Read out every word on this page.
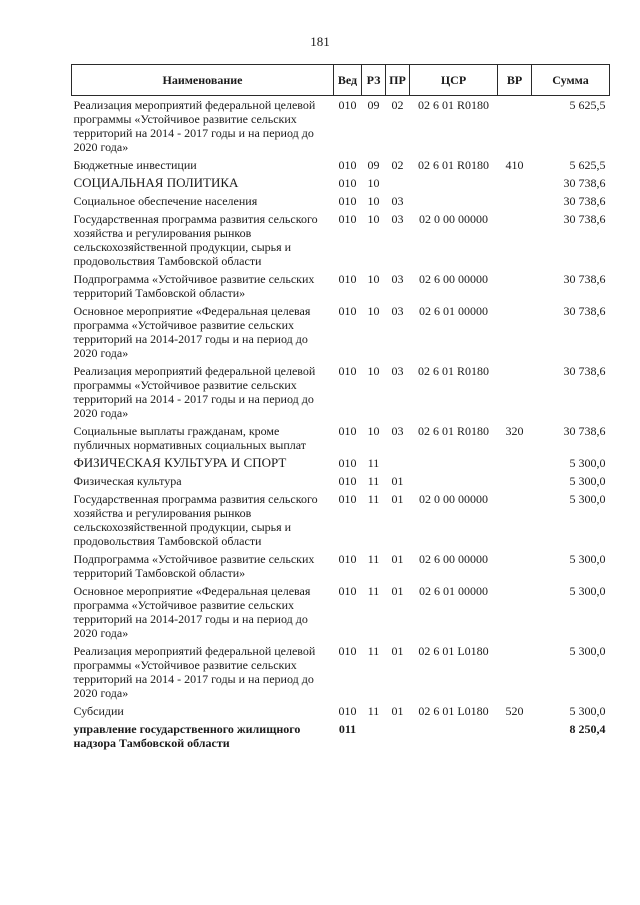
181
Наименование	Вед	РЗ	ПР	ЦСР	ВР	Сумма
Реализация мероприятий федеральной целевой программы «Устойчивое развитие сельских территорий на 2014 - 2017 годы и на период до 2020 года»	010	09	02	02 6 01 R0180		5 625,5
Бюджетные инвестиции	010	09	02	02 6 01 R0180	410	5 625,5
СОЦИАЛЬНАЯ ПОЛИТИКА	010	10				30 738,6
Социальное обеспечение населения	010	10	03			30 738,6
Государственная программа развития сельского хозяйства и регулирования рынков сельскохозяйственной продукции, сырья и продовольствия Тамбовской области	010	10	03	02 0 00 00000		30 738,6
Подпрограмма «Устойчивое развитие сельских территорий Тамбовской области»	010	10	03	02 6 00 00000		30 738,6
Основное мероприятие «Федеральная целевая программа «Устойчивое развитие сельских территорий на 2014-2017 годы и на период до 2020 года»	010	10	03	02 6 01 00000		30 738,6
Реализация мероприятий федеральной целевой программы «Устойчивое развитие сельских территорий на 2014 - 2017 годы и на период до 2020 года»	010	10	03	02 6 01 R0180		30 738,6
Социальные выплаты гражданам, кроме публичных нормативных социальных выплат	010	10	03	02 6 01 R0180	320	30 738,6
ФИЗИЧЕСКАЯ КУЛЬТУРА И СПОРТ	010	11				5 300,0
Физическая культура	010	11	01			5 300,0
Государственная программа развития сельского хозяйства и регулирования рынков сельскохозяйственной продукции, сырья и продовольствия Тамбовской области	010	11	01	02 0 00 00000		5 300,0
Подпрограмма «Устойчивое развитие сельских территорий Тамбовской области»	010	11	01	02 6 00 00000		5 300,0
Основное мероприятие «Федеральная целевая программа «Устойчивое развитие сельских территорий на 2014-2017 годы и на период до 2020 года»	010	11	01	02 6 01 00000		5 300,0
Реализация мероприятий федеральной целевой программы «Устойчивое развитие сельских территорий на 2014 - 2017 годы и на период до 2020 года»	010	11	01	02 6 01 L0180		5 300,0
Субсидии	010	11	01	02 6 01 L0180	520	5 300,0
управление государственного жилищного надзора Тамбовской области	011					8 250,4
